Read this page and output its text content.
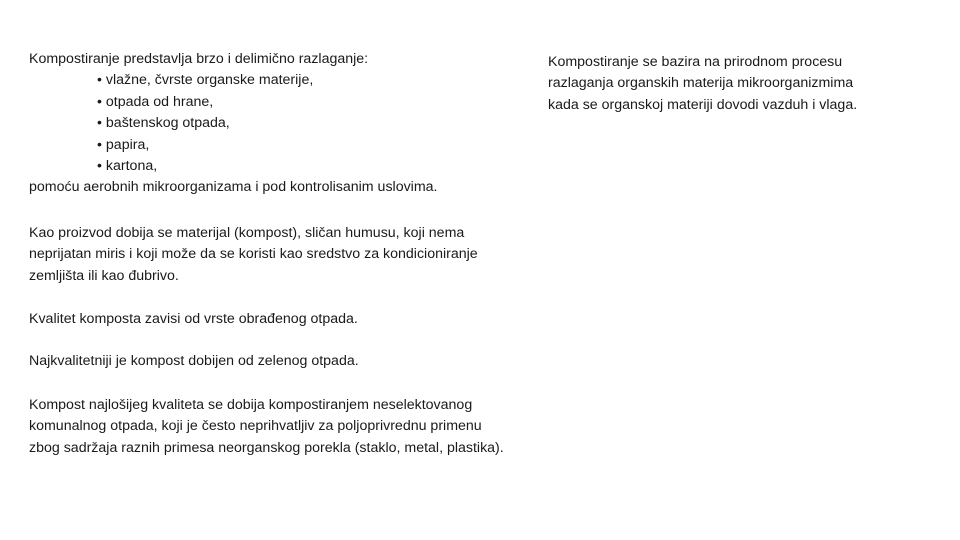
Kompostiranje predstavlja brzo i delimično razlaganje:
• vlažne, čvrste organske materije,
• otpada od hrane,
• baštenskog otpada,
• papira,
• kartona,
pomoću aerobnih mikroorganizama i pod kontrolisanim uslovima.
Kompostiranje se bazira na prirodnom procesu
razlaganja organskih materija mikroorganizmima
kada se organskoj materiji dovodi vazduh i vlaga.
Kao proizvod dobija se materijal (kompost), sličan humusu, koji nema
neprijatan miris i koji može da se koristi kao sredstvo za kondicioniranje
zemljišta ili kao đubrivo.
Kvalitet komposta zavisi od vrste obrađenog otpada.
Najkvalitetniji je kompost dobijen od zelenog otpada.
Kompost najlošijeg kvaliteta se dobija kompostiranjem neselektovanog
komunalnog otpada, koji je često neprihvatljiv za poljoprivrednu primenu
zbog sadržaja raznih primesa neorganskog porekla (staklo, metal, plastika).
